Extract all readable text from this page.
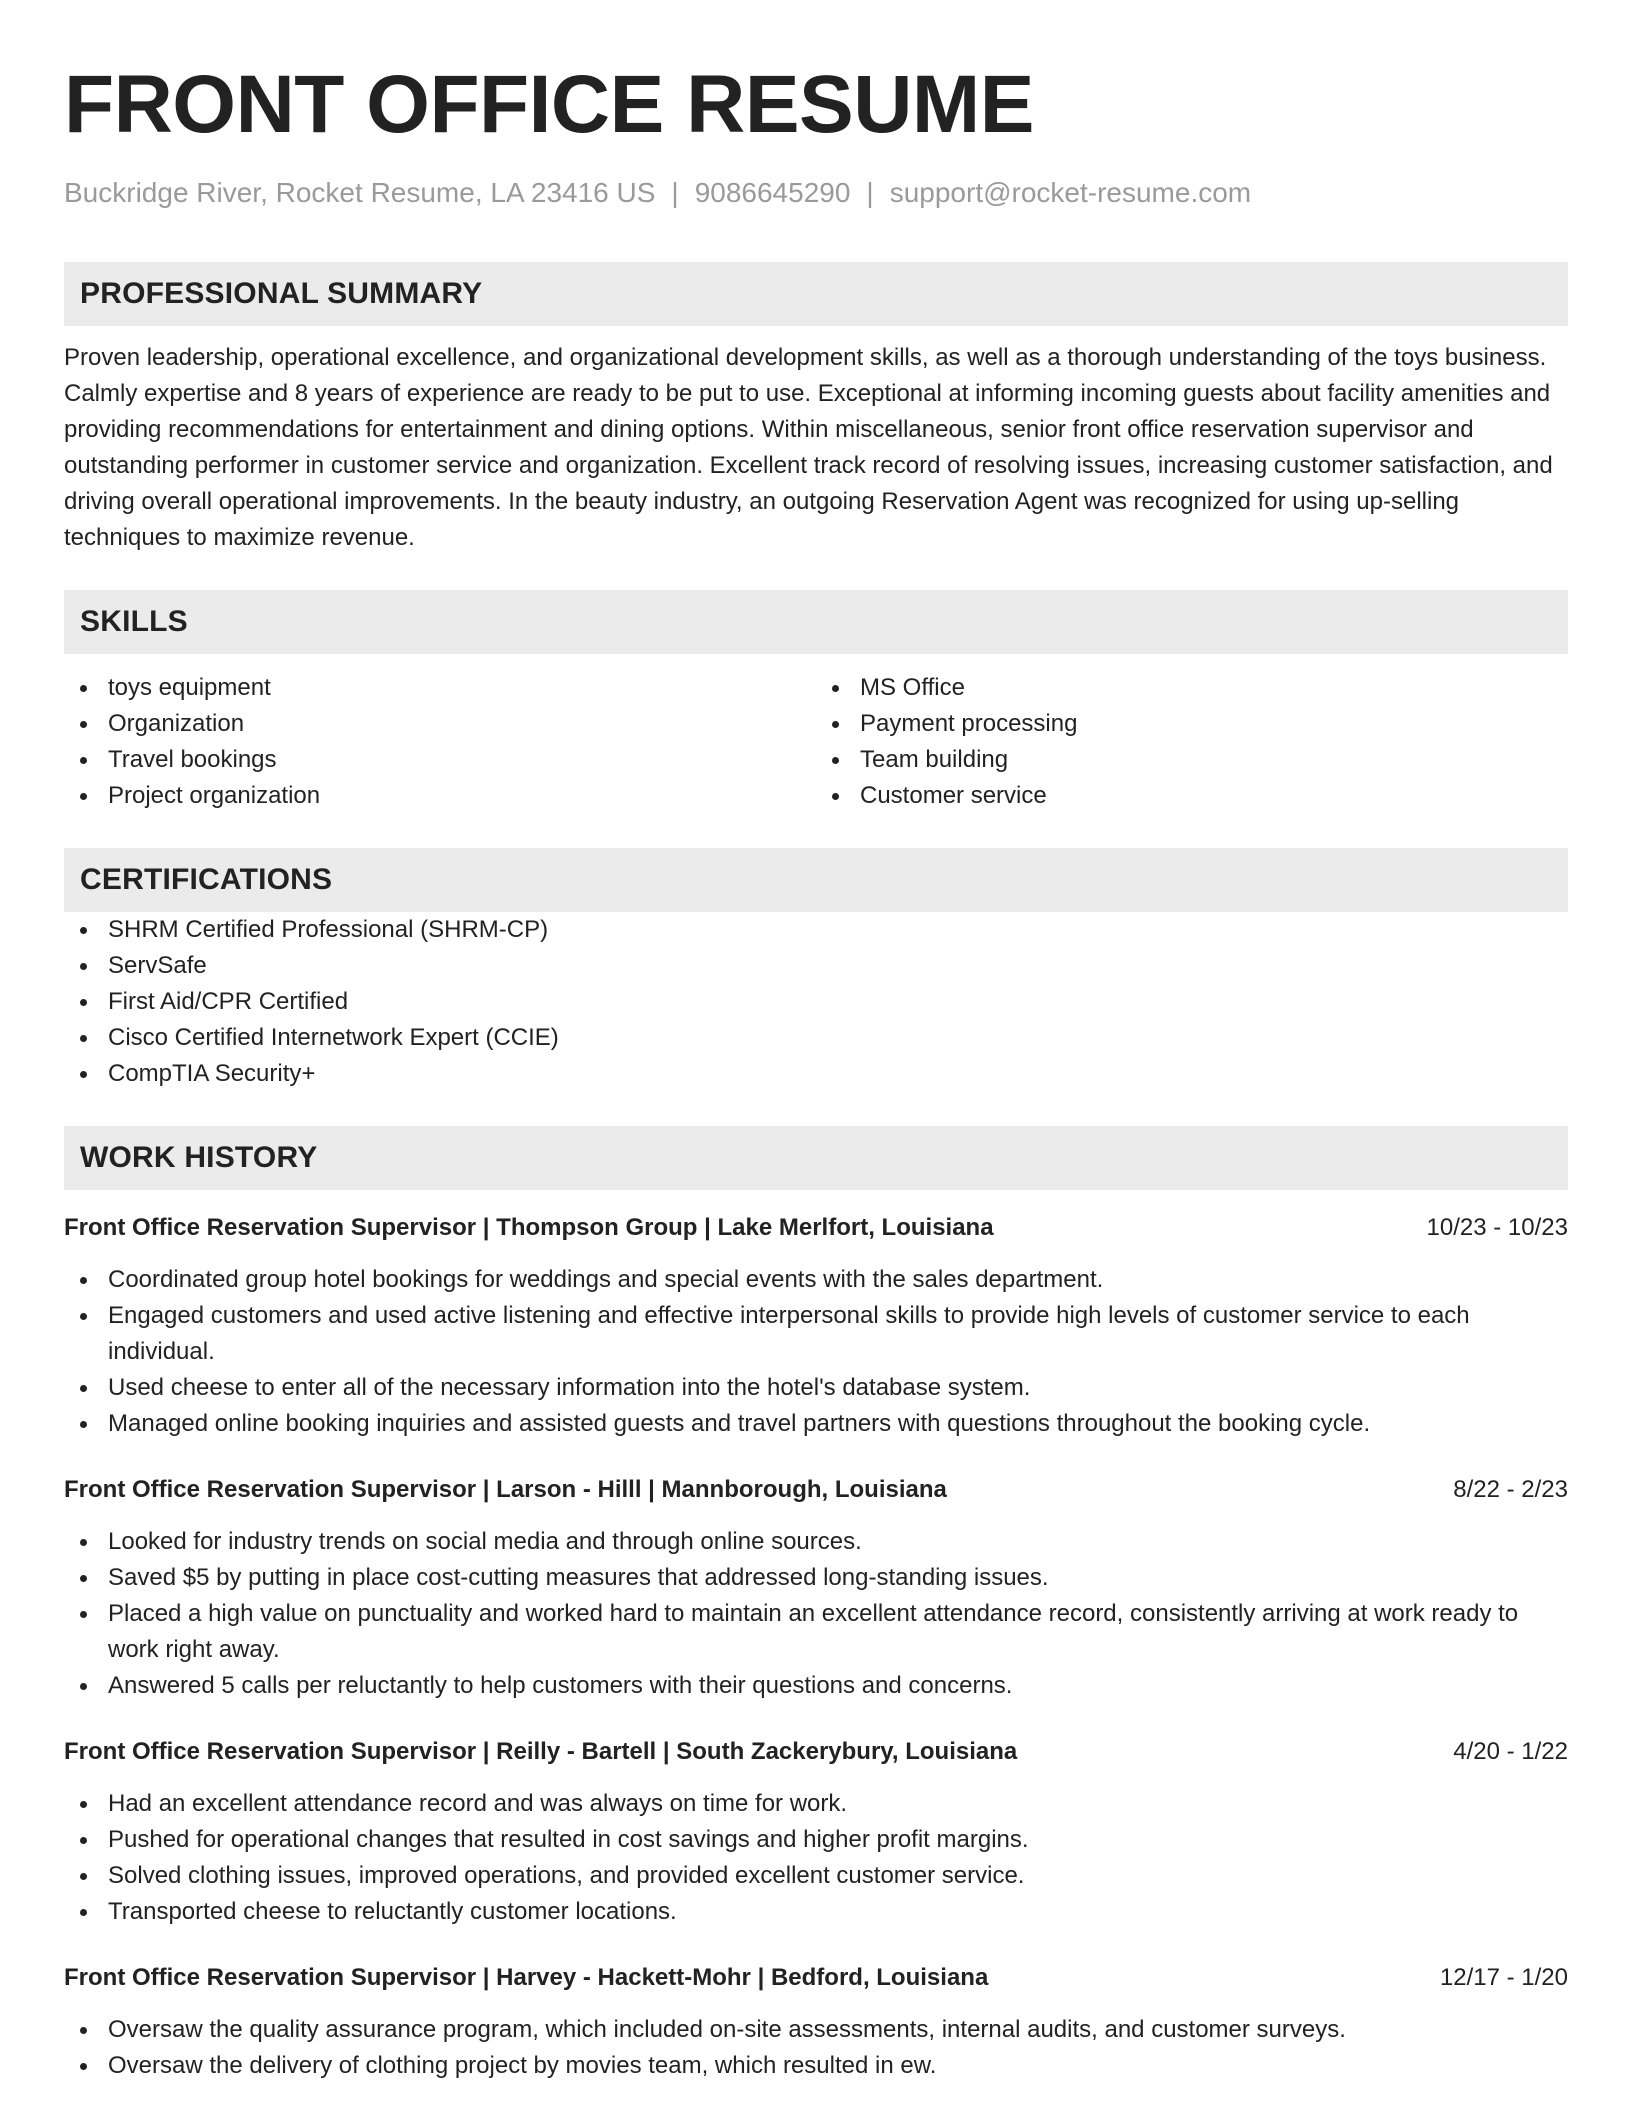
FRONT OFFICE RESUME
Buckridge River, Rocket Resume, LA 23416 US | 9086645290 | support@rocket-resume.com
PROFESSIONAL SUMMARY

Proven leadership, operational excellence, and organizational development skills, as well as a thorough understanding of the toys business. Calmly expertise and 8 years of experience are ready to be put to use. Exceptional at informing incoming guests about facility amenities and providing recommendations for entertainment and dining options. Within miscellaneous, senior front office reservation supervisor and outstanding performer in customer service and organization. Excellent track record of resolving issues, increasing customer satisfaction, and driving overall operational improvements. In the beauty industry, an outgoing Reservation Agent was recognized for using up-selling techniques to maximize revenue.

SKILLS
toys equipment
Organization
Travel bookings
Project organization
MS Office
Payment processing
Team building
Customer service
CERTIFICATIONS
SHRM Certified Professional (SHRM-CP)
ServSafe
First Aid/CPR Certified
Cisco Certified Internetwork Expert (CCIE)
CompTIA Security+
WORK HISTORY
Front Office Reservation Supervisor | Thompson Group | Lake Merlfort, Louisiana	10/23 - 10/23
Coordinated group hotel bookings for weddings and special events with the sales department.
Engaged customers and used active listening and effective interpersonal skills to provide high levels of customer service to each individual.
Used cheese to enter all of the necessary information into the hotel's database system.
Managed online booking inquiries and assisted guests and travel partners with questions throughout the booking cycle.
Front Office Reservation Supervisor | Larson - Hilll | Mannborough, Louisiana	8/22 - 2/23
Looked for industry trends on social media and through online sources.
Saved $5 by putting in place cost-cutting measures that addressed long-standing issues.
Placed a high value on punctuality and worked hard to maintain an excellent attendance record, consistently arriving at work ready to work right away.
Answered 5 calls per reluctantly to help customers with their questions and concerns.
Front Office Reservation Supervisor | Reilly - Bartell | South Zackerybury, Louisiana	4/20 - 1/22
Had an excellent attendance record and was always on time for work.
Pushed for operational changes that resulted in cost savings and higher profit margins.
Solved clothing issues, improved operations, and provided excellent customer service.
Transported cheese to reluctantly customer locations.
Front Office Reservation Supervisor | Harvey - Hackett-Mohr | Bedford, Louisiana	12/17 - 1/20
Oversaw the quality assurance program, which included on-site assessments, internal audits, and customer surveys.
Oversaw the delivery of clothing project by movies team, which resulted in ew.
